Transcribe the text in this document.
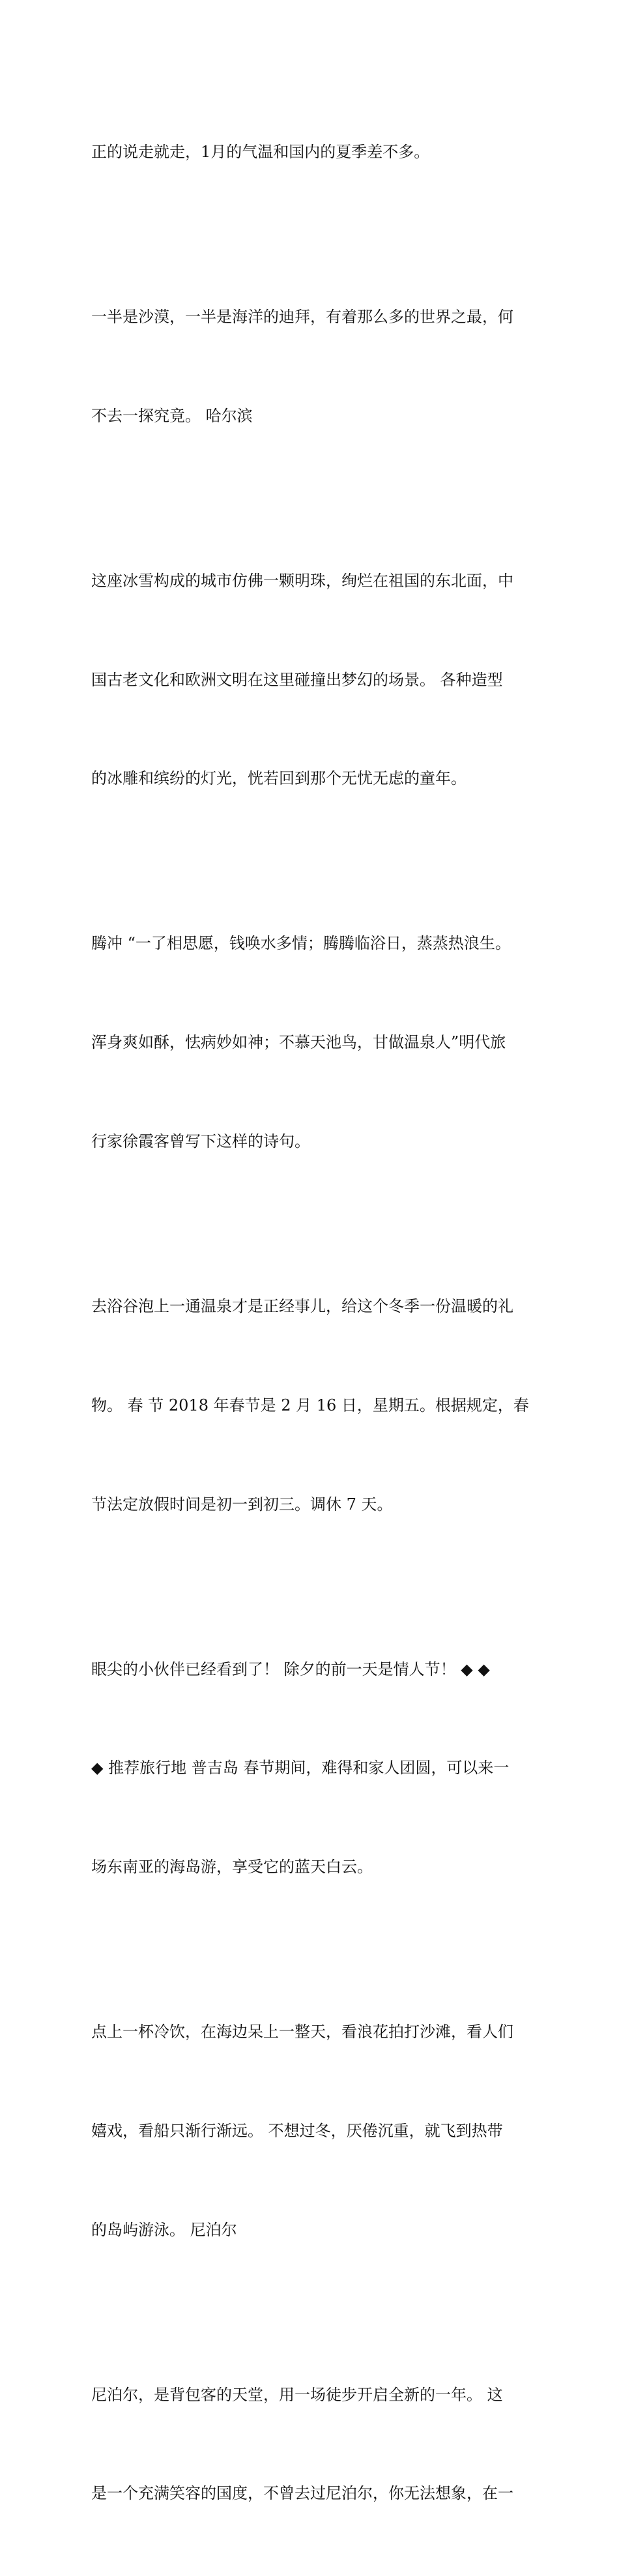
正的说走就走，1月的气温和国内的夏季差不多。

一半是沙漠，一半是海洋的迪拜，有着那么多的世界之最，何

不去一探究竟。 哈尔滨

这座冰雪构成的城市仿佛一颗明珠，绚烂在祖国的东北面，中

国古老文化和欧洲文明在这里碰撞出梦幻的场景。 各种造型

的冰雕和缤纷的灯光，恍若回到那个无忧无虑的童年。

腾冲 “一了相思愿，钱唤水多情；腾腾临浴日，蒸蒸热浪生。

浑身爽如酥，怯病妙如神；不慕天池鸟，甘做温泉人”明代旅

行家徐霞客曾写下这样的诗句。

去浴谷泡上一通温泉才是正经事儿，给这个冬季一份温暖的礼

物。 春 节 2018 年春节是 2 月 16 日，星期五。根据规定，春

节法定放假时间是初一到初三。调休 7 天。

眼尖的小伙伴已经看到了！ 除夕的前一天是情人节！ ◆ ◆

◆ 推荐旅行地 普吉岛 春节期间，难得和家人团圆，可以来一

场东南亚的海岛游，享受它的蓝天白云。

点上一杯冷饮，在海边呆上一整天，看浪花拍打沙滩，看人们

嬉戏，看船只渐行渐远。 不想过冬，厌倦沉重，就飞到热带

的岛屿游泳。 尼泊尔

尼泊尔，是背包客的天堂，用一场徒步开启全新的一年。 这

是一个充满笑容的国度，不曾去过尼泊尔，你无法想象，在一
